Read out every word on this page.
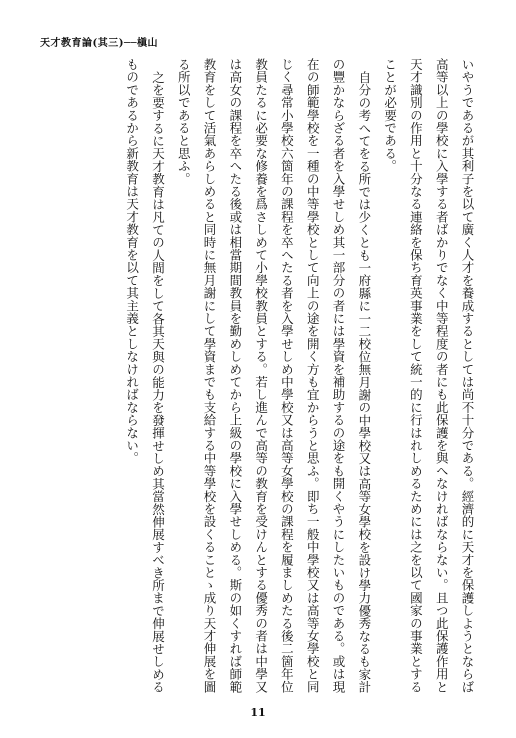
天才教育論(其三)──槇山

いやうであるが其利子を以て廣く人才を養成するとしては尚不十分である。經濟的に天才を保護しようとならば高等以上の學校に入學する者ばかりでなく中等程度の者にも此保護を與へなければならない。且つ此保護作用と天才識別の作用と十分なる連絡を保ち育英事業をして統一的に行はれしめるためには之を以て國家の事業とすることが必要である。

自分の考へてをる所では少くとも一府縣に一二校位無月謝の中學校又は高等女學校を設け學力優秀なるも家計の豐かならざる者を入學せしめ其一部分の者には學資を補助するの途をも開くやうにしたいものである。或は現在の師範學校を一種の中等學校として向上の途を開く方も宜からうと思ふ。即ち一般中學校又は高等女學校と同じく尋常小學校六箇年の課程を卒へたる者を入學せしめ中學校又は高等女學校の課程を履ましめたる後二箇年位教員たるに必要な修養を爲さしめて小學校教員とする。若し進んで高等の教育を受けんとする優秀の者は中學又は高女の課程を卒へたる後或は相當期間教員を勤めしめてから上級の學校に入學せしめる。斯の如くすれば師範教育をして活氣あらしめると同時に無月謝にして學資までも支給する中等學校を設くることゝ成り天才伸展を圖る所以であると思ふ。

之を要するに天才教育は凡ての人間をして各其天與の能力を發揮せしめ其當然伸展すべき所まで伸展せしめるものであるから新教育は天才教育を以て其主義としなければならない。

11
